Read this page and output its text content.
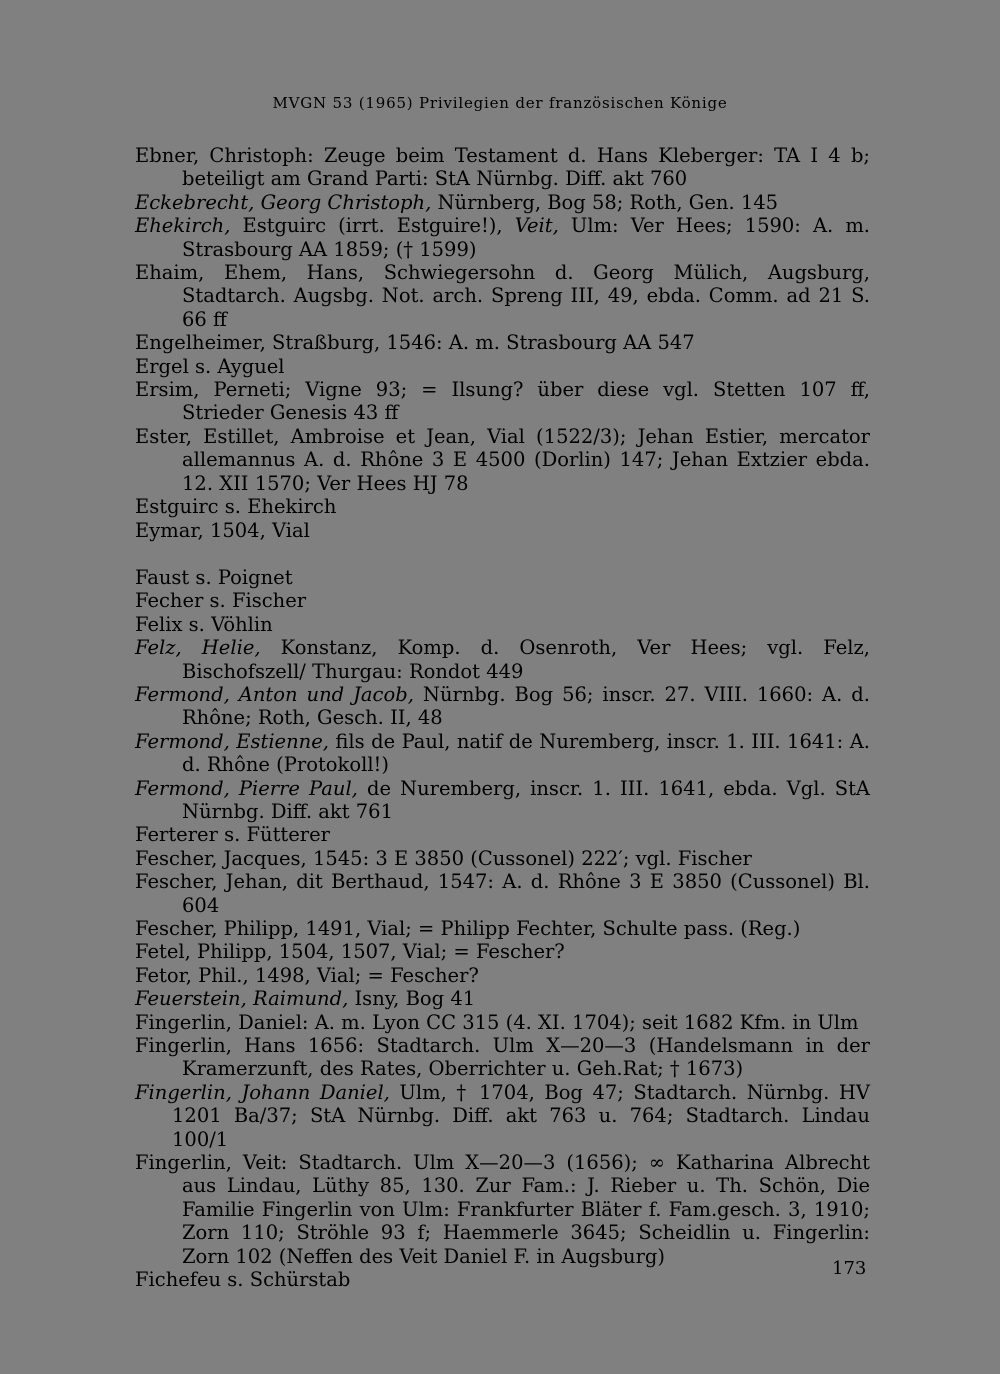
MVGN 53 (1965) Privilegien der französischen Könige
Ebner, Christoph: Zeuge beim Testament d. Hans Kleberger: TA I 4 b; beteiligt am Grand Parti: StA Nürnbg. Diff. akt 760
Eckebrecht, Georg Christoph, Nürnberg, Bog 58; Roth, Gen. 145
Ehekirch, Estguirc (irrt. Estguire!), Veit, Ulm: Ver Hees; 1590: A. m. Strasbourg AA 1859; († 1599)
Ehaim, Ehem, Hans, Schwiegersohn d. Georg Mülich, Augsburg, Stadtarch. Augsbg. Not. arch. Spreng III, 49, ebda. Comm. ad 21 S. 66 ff
Engelheimer, Straßburg, 1546: A. m. Strasbourg AA 547
Ergel s. Ayguel
Ersim, Perneti; Vigne 93; = Ilsung? über diese vgl. Stetten 107 ff, Strieder Genesis 43 ff
Ester, Estillet, Ambroise et Jean, Vial (1522/3); Jehan Estier, mercator allemannus A. d. Rhône 3 E 4500 (Dorlin) 147; Jehan Extzier ebda. 12. XII 1570; Ver Hees HJ 78
Estguirc s. Ehekirch
Eymar, 1504, Vial
Faust s. Poignet
Fecher s. Fischer
Felix s. Vöhlin
Felz, Helie, Konstanz, Komp. d. Osenroth, Ver Hees; vgl. Felz, Bischofszell/ Thurgau: Rondot 449
Fermond, Anton und Jacob, Nürnbg. Bog 56; inscr. 27. VIII. 1660: A. d. Rhône; Roth, Gesch. II, 48
Fermond, Estienne, fils de Paul, natif de Nuremberg, inscr. 1. III. 1641: A. d. Rhône (Protokoll!)
Fermond, Pierre Paul, de Nuremberg, inscr. 1. III. 1641, ebda. Vgl. StA Nürnbg. Diff. akt 761
Ferterer s. Fütterer
Fescher, Jacques, 1545: 3 E 3850 (Cussonel) 222′; vgl. Fischer
Fescher, Jehan, dit Berthaud, 1547: A. d. Rhône 3 E 3850 (Cussonel) Bl. 604
Fescher, Philipp, 1491, Vial; = Philipp Fechter, Schulte pass. (Reg.)
Fetel, Philipp, 1504, 1507, Vial; = Fescher?
Fetor, Phil., 1498, Vial; = Fescher?
Feuerstein, Raimund, Isny, Bog 41
Fingerlin, Daniel: A. m. Lyon CC 315 (4. XI. 1704); seit 1682 Kfm. in Ulm
Fingerlin, Hans 1656: Stadtarch. Ulm X—20—3 (Handelsmann in der Kramerzunft, des Rates, Oberrichter u. Geh.Rat; † 1673)
Fingerlin, Johann Daniel, Ulm, † 1704, Bog 47; Stadtarch. Nürnbg. HV 1201 Ba/37; StA Nürnbg. Diff. akt 763 u. 764; Stadtarch. Lindau 100/1
Fingerlin, Veit: Stadtarch. Ulm X—20—3 (1656); ∞ Katharina Albrecht aus Lindau, Lüthy 85, 130. Zur Fam.: J. Rieber u. Th. Schön, Die Familie Fingerlin von Ulm: Frankfurter Bläter f. Fam.gesch. 3, 1910; Zorn 110; Ströhle 93 f; Haemmerle 3645; Scheidlin u. Fingerlin: Zorn 102 (Neffen des Veit Daniel F. in Augsburg)
Fichefeu s. Schürstab	173
